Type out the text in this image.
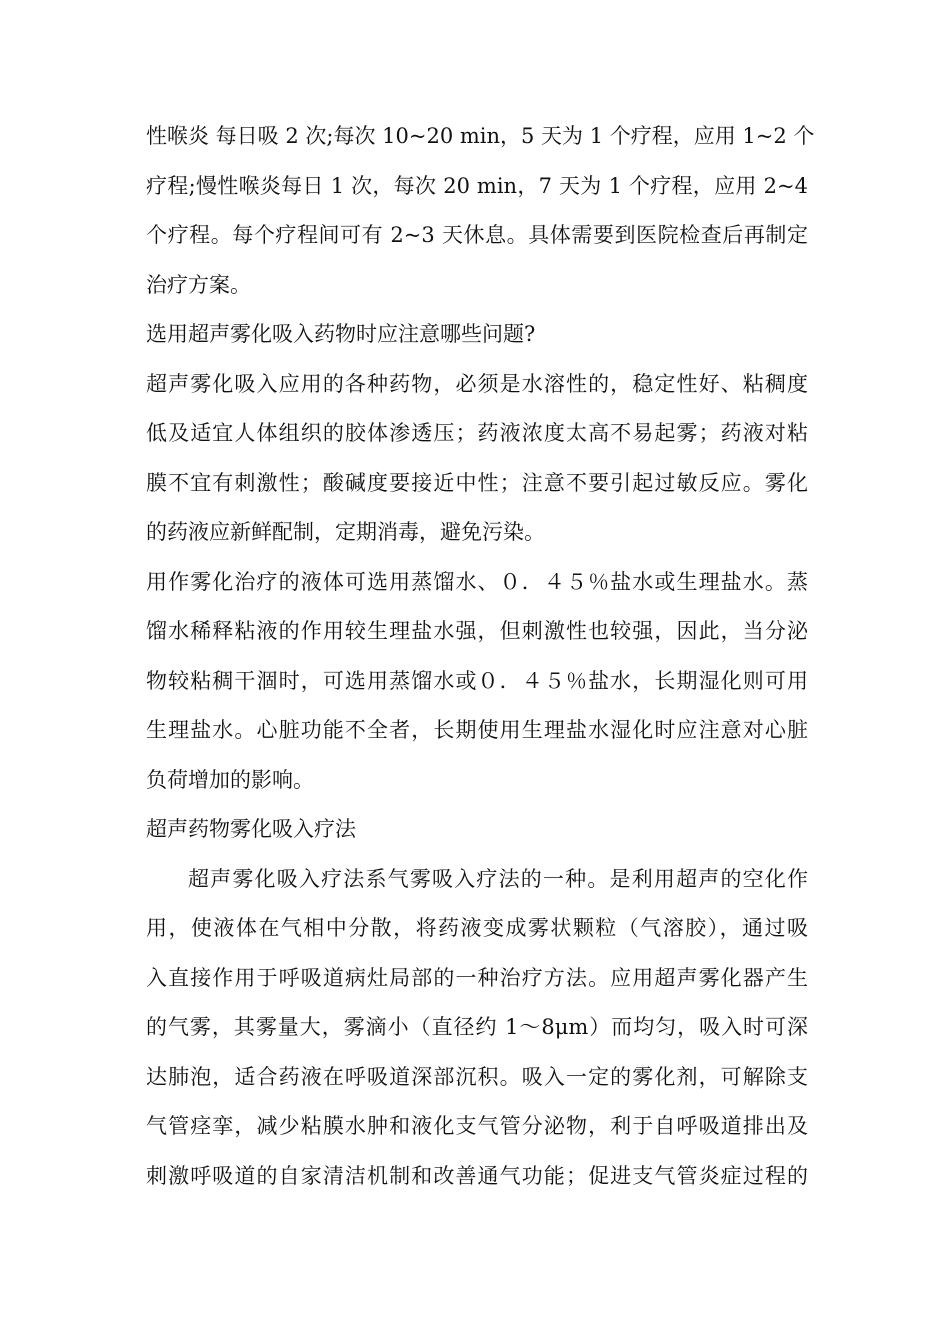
性喉炎 每日吸 2 次;每次 10~20 min，5 天为 1 个疗程，应用 1~2 个
疗程;慢性喉炎每日 1 次，每次 20 min，7 天为 1 个疗程，应用 2~4
个疗程。每个疗程间可有 2~3 天休息。具体需要到医院检查后再制定
治疗方案。
选用超声雾化吸入药物时应注意哪些问题?
超声雾化吸入应用的各种药物，必须是水溶性的，稳定性好、粘稠度
低及适宜人体组织的胶体渗透压；药液浓度太高不易起雾；药液对粘
膜不宜有刺激性；酸碱度要接近中性；注意不要引起过敏反应。雾化
的药液应新鲜配制，定期消毒，避免污染。
用作雾化治疗的液体可选用蒸馏水、０．４５％盐水或生理盐水。蒸
馏水稀释粘液的作用较生理盐水强，但刺激性也较强，因此，当分泌
物较粘稠干涸时，可选用蒸馏水或０．４５％盐水，长期湿化则可用
生理盐水。心脏功能不全者，长期使用生理盐水湿化时应注意对心脏
负荷增加的影响。
超声药物雾化吸入疗法
超声雾化吸入疗法系气雾吸入疗法的一种。是利用超声的空化作
用，使液体在气相中分散，将药液变成雾状颗粒（气溶胶），通过吸
入直接作用于呼吸道病灶局部的一种治疗方法。应用超声雾化器产生
的气雾，其雾量大，雾滴小（直径约 1～8μm）而均匀，吸入时可深
达肺泡，适合药液在呼吸道深部沉积。吸入一定的雾化剂，可解除支
气管痉挛，减少粘膜水肿和液化支气管分泌物，利于自呼吸道排出及
刺激呼吸道的自家清洁机制和改善通气功能；促进支气管炎症过程的
